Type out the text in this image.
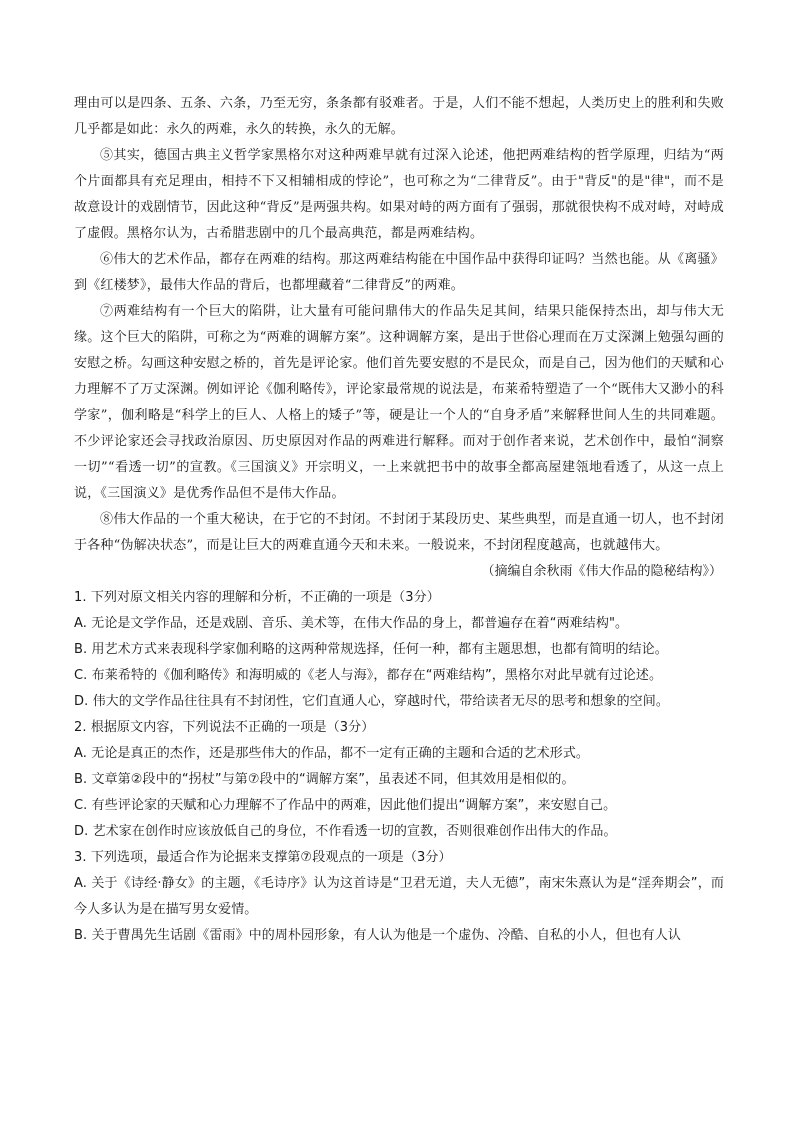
理由可以是四条、五条、六条，乃至无穷，条条都有驳难者。于是，人们不能不想起，人类历史上的胜利和失败几乎都是如此：永久的两难，永久的转换，永久的无解。

⑤其实，德国古典主义哲学家黑格尔对这种两难早就有过深入论述，他把两难结构的哲学原理，归结为“两个片面都具有充足理由，相持不下又相辅相成的悖论”，也可称之为“二律背反”。由于"背反"的是"律"，而不是故意设计的戏剧情节，因此这种“背反”是两强共构。如果对峙的两方面有了强弱，那就很快构不成对峙，对峙成了虚假。黑格尔认为，古希腊悲剧中的几个最高典范，都是两难结构。

⑥伟大的艺术作品，都存在两难的结构。那这两难结构能在中国作品中获得印证吗？当然也能。从《离骚》到《红楼梦》，最伟大作品的背后，也都埋藏着“二律背反”的两难。

⑦两难结构有一个巨大的陷阱，让大量有可能问鼎伟大的作品失足其间，结果只能保持杰出，却与伟大无缘。这个巨大的陷阱，可称之为“两难的调解方案”。这种调解方案，是出于世俗心理而在万丈深渊上勉强勾画的安慰之桥。勾画这种安慰之桥的，首先是评论家。他们首先要安慰的不是民众，而是自己，因为他们的天赋和心力理解不了万丈深渊。例如评论《伽利略传》，评论家最常规的说法是，布莱希特塑造了一个“既伟大又渺小的科学家”，伽利略是“科学上的巨人、人格上的矮子”等，硬是让一个人的“自身矛盾”来解释世间人生的共同难题。不少评论家还会寻找政治原因、历史原因对作品的两难进行解释。而对于创作者来说，艺术创作中，最怕“洞察一切”“看透一切”的宣教。《三国演义》开宗明义，一上来就把书中的故事全都高屋建瓴地看透了，从这一点上说，《三国演义》是优秀作品但不是伟大作品。

⑧伟大作品的一个重大秘诀，在于它的不封闭。不封闭于某段历史、某些典型，而是直通一切人，也不封闭于各种“伪解决状态”，而是让巨大的两难直通今天和未来。一般说来，不封闭程度越高，也就越伟大。

（摘编自余秋雨《伟大作品的隐秘结构》）

1. 下列对原文相关内容的理解和分析，不正确的一项是（3分）

A. 无论是文学作品，还是戏剧、音乐、美术等，在伟大作品的身上，都普遍存在着“两难结构"。

B. 用艺术方式来表现科学家伽利略的这两种常规选择，任何一种，都有主题思想，也都有简明的结论。

C. 布莱希特的《伽利略传》和海明威的《老人与海》，都存在“两难结构”，黑格尔对此早就有过论述。

D. 伟大的文学作品往往具有不封闭性，它们直通人心，穿越时代，带给读者无尽的思考和想象的空间。

2. 根据原文内容，下列说法不正确的一项是（3分）

A. 无论是真正的杰作，还是那些伟大的作品，都不一定有正确的主题和合适的艺术形式。

B. 文章第②段中的“拐杖”与第⑦段中的“调解方案”，虽表述不同，但其效用是相似的。

C. 有些评论家的天赋和心力理解不了作品中的两难，因此他们提出“调解方案”，来安慰自己。

D. 艺术家在创作时应该放低自己的身位，不作看透一切的宣教，否则很难创作出伟大的作品。

3. 下列选项，最适合作为论据来支撑第⑦段观点的一项是（3分）

A. 关于《诗经·静女》的主题，《毛诗序》认为这首诗是“卫君无道，夫人无德”，南宋朱熹认为是“淫奔期会”，而今人多认为是在描写男女爱情。

B. 关于曹禺先生话剧《雷雨》中的周朴园形象，有人认为他是一个虚伪、冷酷、自私的小人，但也有人认
